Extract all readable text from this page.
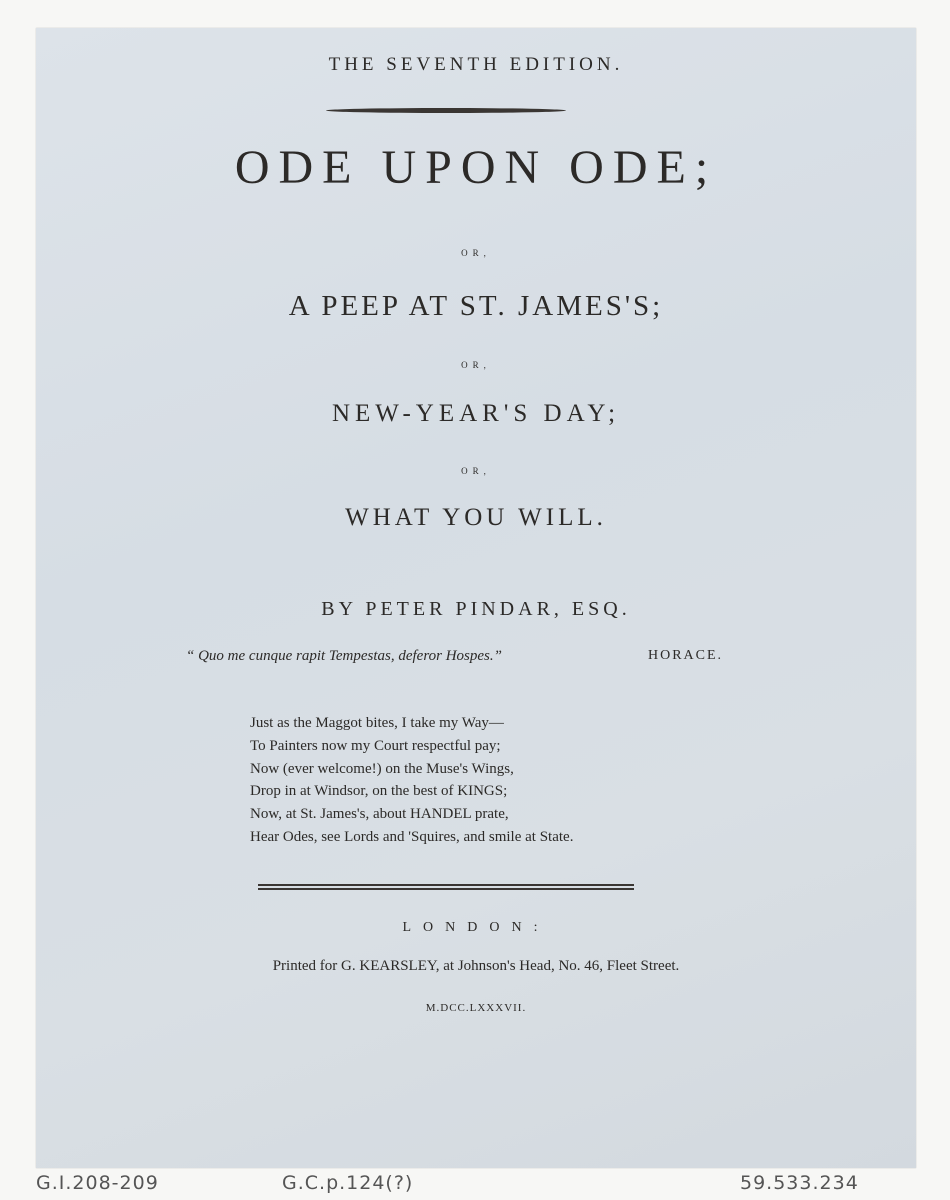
THE SEVENTH EDITION.
ODE UPON ODE;
OR,
A PEEP AT ST. JAMES'S;
OR,
NEW-YEAR'S DAY;
OR,
WHAT YOU WILL.
BY PETER PINDAR, ESQ.
“ Quo me cunque rapit Tempestas, deferor Hospes.”	HORACE.
Just as the Maggot bites, I take my Way—
To Painters now my Court respectful pay;
Now (ever welcome!) on the Muse's Wings,
Drop in at Windsor, on the best of KINGS;
Now, at St. James's, about HANDEL prate,
Hear Odes, see Lords and 'Squires, and smile at State.
LONDON:
Printed for G. KEARSLEY, at Johnson's Head, No. 46, Fleet Street.
M.DCC.LXXXVII.
G.I.208-209	G.C.p.124(?)	59.533.234
